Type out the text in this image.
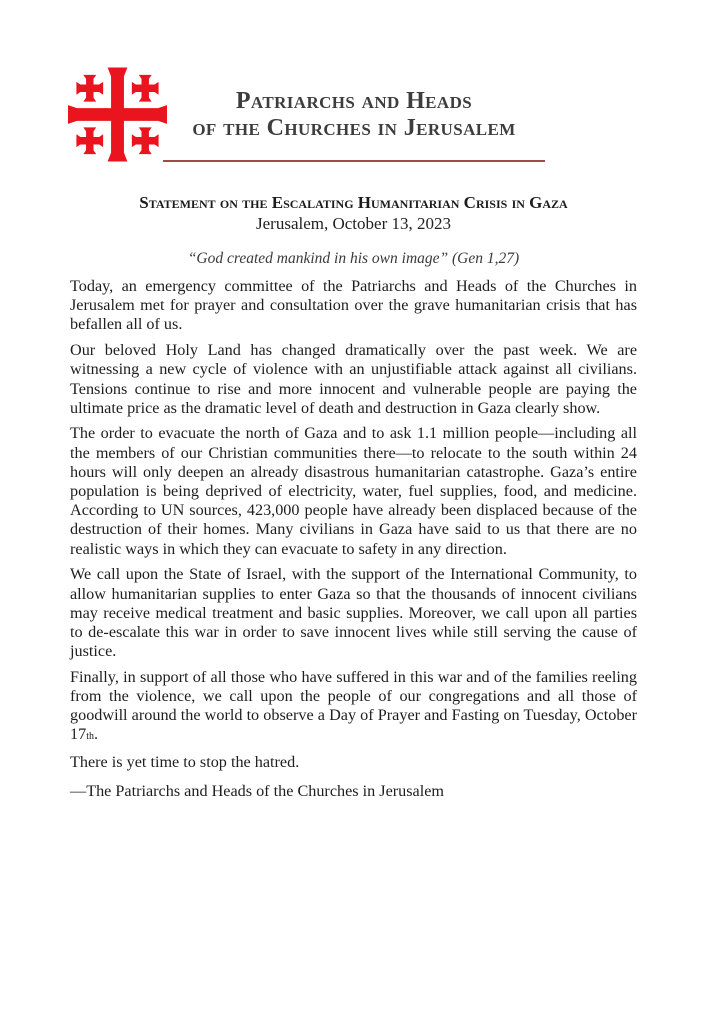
Patriarchs and Heads
of the Churches in Jerusalem
Statement on the Escalating Humanitarian Crisis in Gaza
Jerusalem, October 13, 2023
“God created mankind in his own image” (Gen 1,27)

Today, an emergency committee of the Patriarchs and Heads of the Churches in Jerusalem met for prayer and consultation over the grave humanitarian crisis that has befallen all of us.

Our beloved Holy Land has changed dramatically over the past week. We are witnessing a new cycle of violence with an unjustifiable attack against all civilians. Tensions continue to rise and more innocent and vulnerable people are paying the ultimate price as the dramatic level of death and destruction in Gaza clearly show.

The order to evacuate the north of Gaza and to ask 1.1 million people—including all the members of our Christian communities there—to relocate to the south within 24 hours will only deepen an already disastrous humanitarian catastrophe. Gaza’s entire population is being deprived of electricity, water, fuel supplies, food, and medicine. According to UN sources, 423,000 people have already been displaced because of the destruction of their homes. Many civilians in Gaza have said to us that there are no realistic ways in which they can evacuate to safety in any direction.

We call upon the State of Israel, with the support of the International Community, to allow humanitarian supplies to enter Gaza so that the thousands of innocent civilians may receive medical treatment and basic supplies. Moreover, we call upon all parties to de-escalate this war in order to save innocent lives while still serving the cause of justice.

Finally, in support of all those who have suffered in this war and of the families reeling from the violence, we call upon the people of our congregations and all those of goodwill around the world to observe a Day of Prayer and Fasting on Tuesday, October 17th.

There is yet time to stop the hatred.

—The Patriarchs and Heads of the Churches in Jerusalem
